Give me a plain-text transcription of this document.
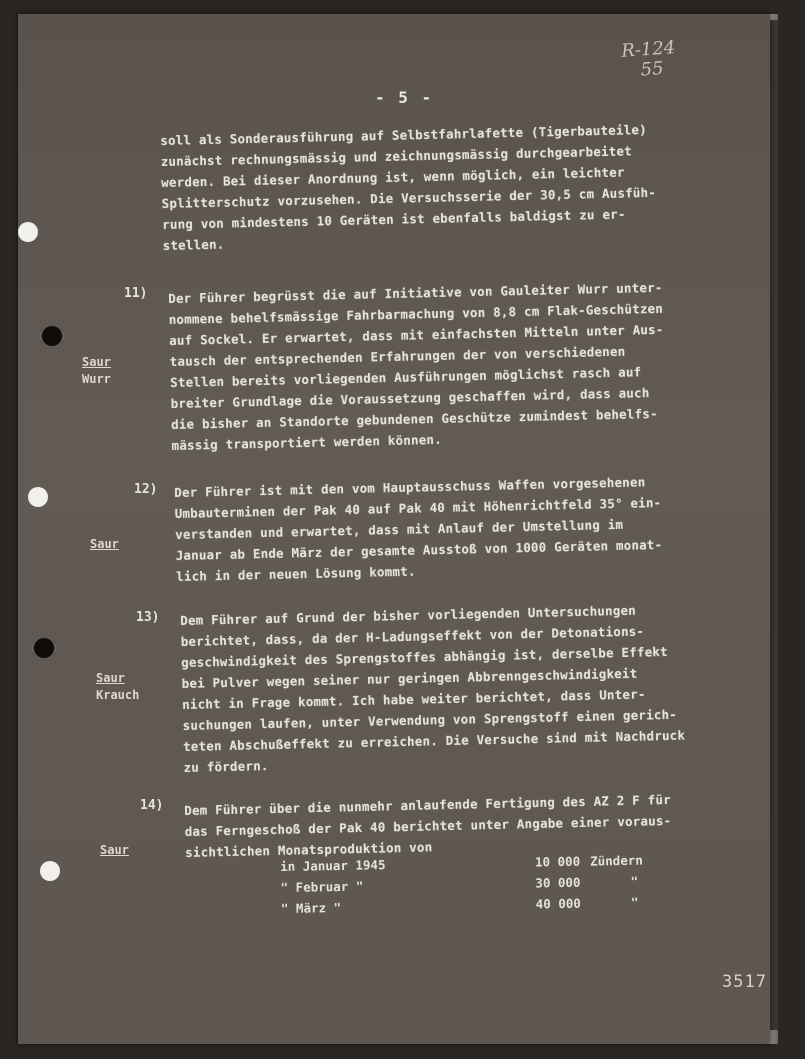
R-124
55
- 5 -
soll als Sonderausführung auf Selbstfahrlafette (Tigerbauteile)
zunächst rechnungsmässig und zeichnungsmässig durchgearbeitet
werden. Bei dieser Anordnung ist, wenn möglich, ein leichter
Splitterschutz vorzusehen. Die Versuchsserie der 30,5 cm Ausfüh-
rung von mindestens 10 Geräten ist ebenfalls baldigst zu er-
stellen.
11)
Saur
Wurr
Der Führer begrüsst die auf Initiative von Gauleiter Wurr unter-
nommene behelfsmässige Fahrbarmachung von 8,8 cm Flak-Geschützen
auf Sockel. Er erwartet, dass mit einfachsten Mitteln unter Aus-
tausch der entsprechenden Erfahrungen der von verschiedenen
Stellen bereits vorliegenden Ausführungen möglichst rasch auf
breiter Grundlage die Voraussetzung geschaffen wird, dass auch
die bisher an Standorte gebundenen Geschütze zumindest behelfs-
mässig transportiert werden können.
12)
Saur
Der Führer ist mit den vom Hauptausschuss Waffen vorgesehenen
Umbauterminen der Pak 40 auf Pak 40 mit Höhenrichtfeld 35° ein-
verstanden und erwartet, dass mit Anlauf der Umstellung im
Januar ab Ende März der gesamte Ausstoß von 1000 Geräten monat-
lich in der neuen Lösung kommt.
13)
Saur
Krauch
Dem Führer auf Grund der bisher vorliegenden Untersuchungen
berichtet, dass, da der H-Ladungseffekt von der Detonations-
geschwindigkeit des Sprengstoffes abhängig ist, derselbe Effekt
bei Pulver wegen seiner nur geringen Abbrenngeschwindigkeit
nicht in Frage kommt. Ich habe weiter berichtet, dass Unter-
suchungen laufen, unter Verwendung von Sprengstoff einen gerich-
teten Abschußeffekt zu erreichen. Die Versuche sind mit Nachdruck
zu fördern.
14)
Saur
Dem Führer über die nunmehr anlaufende Fertigung des AZ 2 F für
das Ferngeschoß der Pak 40 berichtet unter Angabe einer voraus-
sichtlichen Monatsproduktion von
in Januar 1945	10 000 Zündern
" Februar "	30 000	"
" März "	40 000	"
3517
